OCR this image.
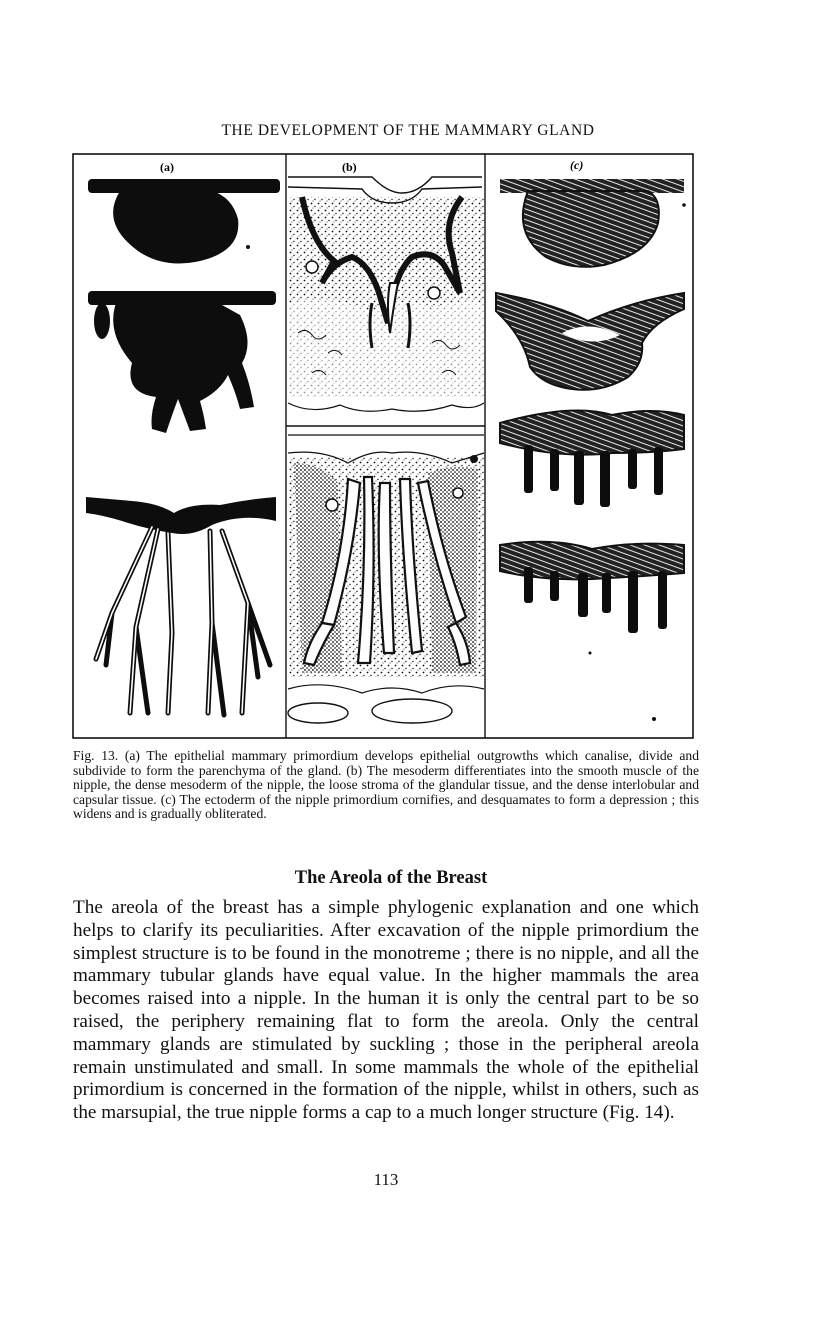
THE DEVELOPMENT OF THE MAMMARY GLAND
(a)	(b)	(c)
Fig. 13. (a) The epithelial mammary primordium develops epithelial outgrowths which canalise, divide and subdivide to form the parenchyma of the gland. (b) The mesoderm differentiates into the smooth muscle of the nipple, the dense mesoderm of the nipple, the loose stroma of the glandular tissue, and the dense interlobular and capsular tissue. (c) The ectoderm of the nipple primordium cornifies, and desquamates to form a depression ; this widens and is gradually obliterated.
The Areola of the Breast
The areola of the breast has a simple phylogenic explanation and one which helps to clarify its peculiarities. After excavation of the nipple primordium the simplest structure is to be found in the monotreme ; there is no nipple, and all the mammary tubular glands have equal value. In the higher mammals the area becomes raised into a nipple. In the human it is only the central part to be so raised, the periphery remaining flat to form the areola. Only the central mammary glands are stimulated by suckling ; those in the peripheral areola remain unstimulated and small. In some mammals the whole of the epithelial primordium is concerned in the formation of the nipple, whilst in others, such as the marsupial, the true nipple forms a cap to a much longer structure (Fig. 14).
113
